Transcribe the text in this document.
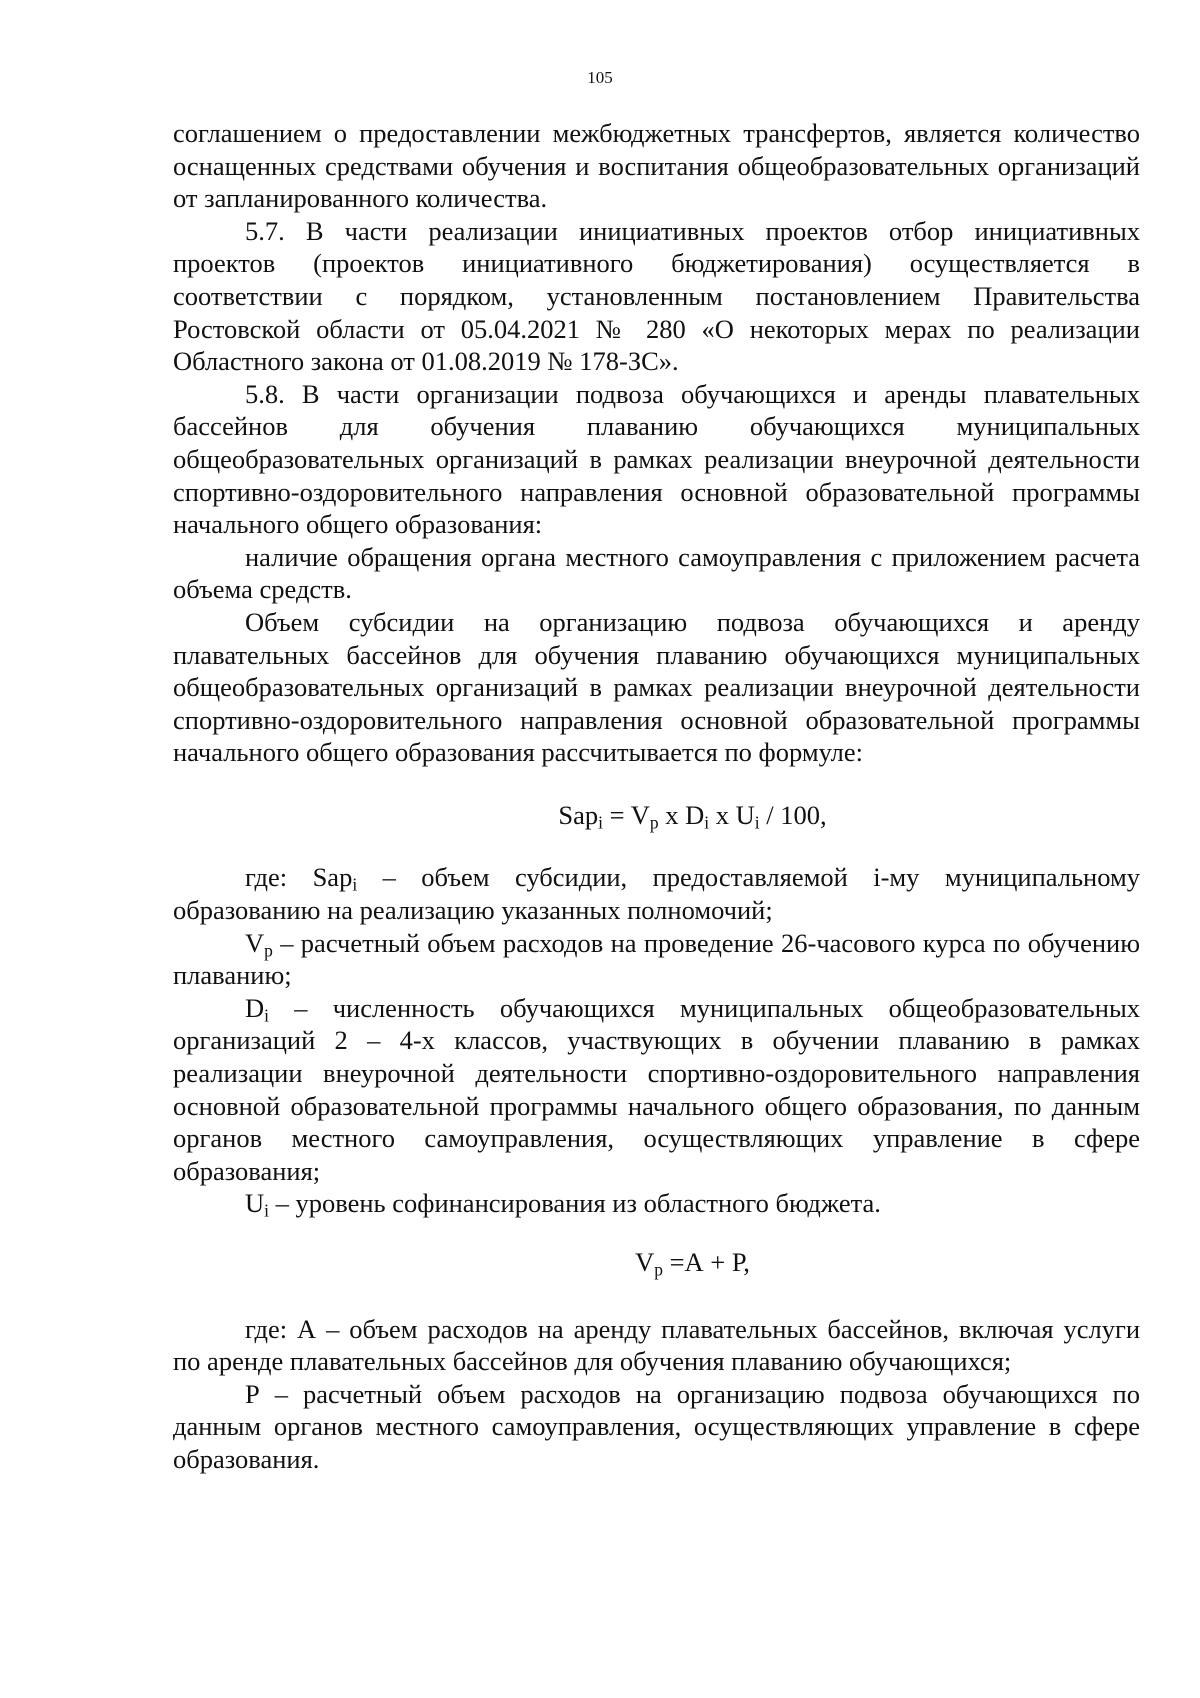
105

соглашением о предоставлении межбюджетных трансфертов, является количество оснащенных средствами обучения и воспитания общеобразовательных организаций от запланированного количества.

5.7. В части реализации инициативных проектов отбор инициативных проектов (проектов инициативного бюджетирования) осуществляется в соответствии с порядком, установленным постановлением Правительства Ростовской области от 05.04.2021 № 280 «О некоторых мерах по реализации Областного закона от 01.08.2019 № 178-ЗС».

5.8. В части организации подвоза обучающихся и аренды плавательных бассейнов для обучения плаванию обучающихся муниципальных общеобразовательных организаций в рамках реализации внеурочной деятельности спортивно-оздоровительного направления основной образовательной программы начального общего образования:

наличие обращения органа местного самоуправления с приложением расчета объема средств.

Объем субсидии на организацию подвоза обучающихся и аренду плавательных бассейнов для обучения плаванию обучающихся муниципальных общеобразовательных организаций в рамках реализации внеурочной деятельности спортивно-оздоровительного направления основной образовательной программы начального общего образования рассчитывается по формуле:

$Sap_i = V_p$ x $D_i$ x $U_i / 100$,

где: Sap$_i$ – объем субсидии, предоставляемой i-му муниципальному образованию на реализацию указанных полномочий;

$V_p$ – расчетный объем расходов на проведение 26-часового курса по обучению плаванию;

$D_i$ – численность обучающихся муниципальных общеобразовательных организаций 2 – 4-х классов, участвующих в обучении плаванию в рамках реализации внеурочной деятельности спортивно-оздоровительного направления основной образовательной программы начального общего образования, по данным органов местного самоуправления, осуществляющих управление в сфере образования;

$U_i$ – уровень софинансирования из областного бюджета.

$V_p =А + Р$,

где: А – объем расходов на аренду плавательных бассейнов, включая услуги по аренде плавательных бассейнов для обучения плаванию обучающихся;

Р – расчетный объем расходов на организацию подвоза обучающихся по данным органов местного самоуправления, осуществляющих управление в сфере образования.
